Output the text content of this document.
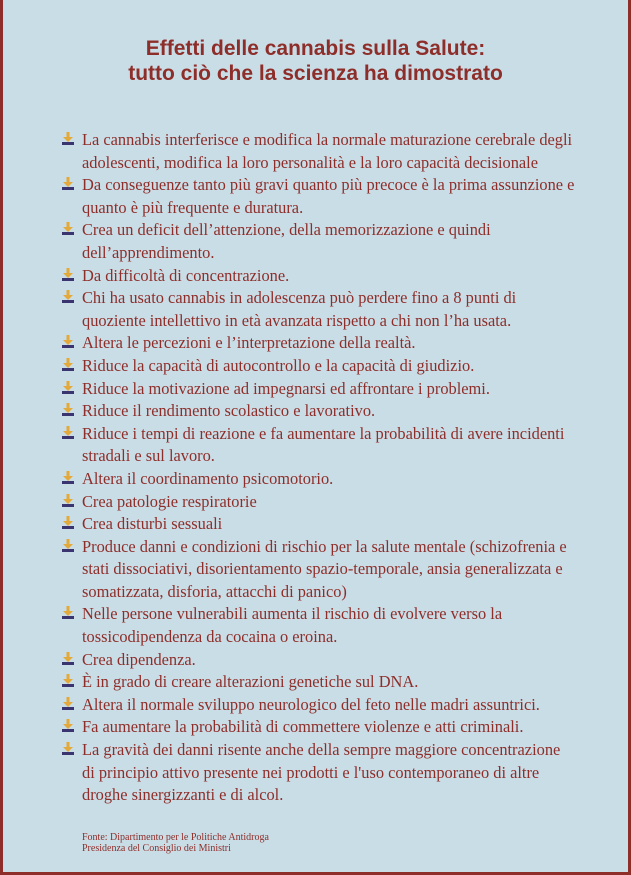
Effetti delle cannabis sulla Salute:
tutto ciò che la scienza ha dimostrato
La cannabis interferisce e modifica la normale maturazione cerebrale degli
adolescenti, modifica la loro personalità e la loro capacità decisionale
Da conseguenze tanto più gravi quanto più precoce è la prima assunzione e
quanto è più frequente e duratura.
Crea un deficit dell’attenzione, della memorizzazione e quindi
dell’apprendimento.
Da difficoltà di concentrazione.
Chi ha usato cannabis in adolescenza può perdere fino a 8 punti di
quoziente intellettivo in età avanzata rispetto a chi non l’ha usata.
Altera le percezioni e l’interpretazione della realtà.
Riduce la capacità di autocontrollo e la capacità di giudizio.
Riduce la motivazione ad impegnarsi ed affrontare i problemi.
Riduce il rendimento scolastico e lavorativo.
Riduce i tempi di reazione e fa aumentare la probabilità di avere incidenti
stradali e sul lavoro.
Altera il coordinamento psicomotorio.
Crea patologie respiratorie
Crea disturbi sessuali
Produce danni e condizioni di rischio per la salute mentale (schizofrenia e
stati dissociativi, disorientamento spazio-temporale, ansia generalizzata e
somatizzata, disforia, attacchi di panico)
Nelle persone vulnerabili aumenta il rischio di evolvere verso la
tossicodipendenza da cocaina o eroina.
Crea dipendenza.
È in grado di creare alterazioni genetiche sul DNA.
Altera il normale sviluppo neurologico del feto nelle madri assuntrici.
Fa aumentare la probabilità di commettere violenze e atti criminali.
La gravità dei danni risente anche della sempre maggiore concentrazione
di principio attivo presente nei prodotti e l'uso contemporaneo di altre
droghe sinergizzanti e di alcol.
Fonte: Dipartimento per le Politiche Antidroga
Presidenza del Consiglio dei Ministri
